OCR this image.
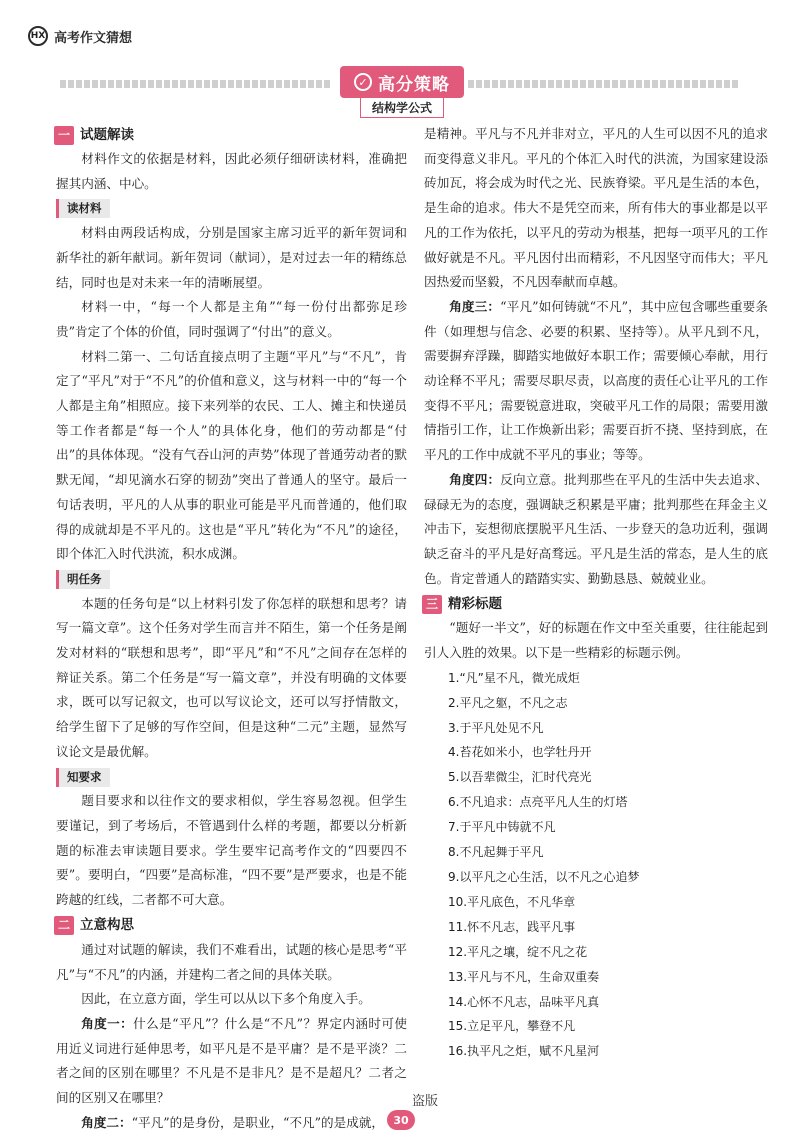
HX 高考作文猜想
✓ 高分策略
结构学公式
一 试题解读

材料作文的依据是材料，因此必须仔细研读材料，准确把握其内涵、中心。

读材料

材料由两段话构成，分别是国家主席习近平的新年贺词和新华社的新年献词。新年贺词（献词），是对过去一年的精练总结，同时也是对未来一年的清晰展望。

材料一中，“每一个人都是主角”“每一份付出都弥足珍贵”肯定了个体的价值，同时强调了“付出”的意义。

材料二第一、二句话直接点明了主题“平凡”与“不凡”，肯定了“平凡”对于“不凡”的价值和意义，这与材料一中的“每一个人都是主角”相照应。接下来列举的农民、工人、摊主和快递员等工作者都是“每一个人”的具体化身，他们的劳动都是“付出”的具体体现。“没有气吞山河的声势”体现了普通劳动者的默默无闻，“却见滴水石穿的韧劲”突出了普通人的坚守。最后一句话表明，平凡的人从事的职业可能是平凡而普通的，他们取得的成就却是不平凡的。这也是“平凡”转化为“不凡”的途径，即个体汇入时代洪流，积水成渊。

明任务

本题的任务句是“以上材料引发了你怎样的联想和思考？请写一篇文章”。这个任务对学生而言并不陌生，第一个任务是阐发对材料的“联想和思考”，即“平凡”和“不凡”之间存在怎样的辩证关系。第二个任务是“写一篇文章”，并没有明确的文体要求，既可以写记叙文，也可以写议论文，还可以写抒情散文，给学生留下了足够的写作空间，但是这种“二元”主题，显然写议论文是最优解。

知要求

题目要求和以往作文的要求相似，学生容易忽视。但学生要谨记，到了考场后，不管遇到什么样的考题，都要以分析新题的标准去审读题目要求。学生要牢记高考作文的“四要四不要”。要明白，“四要”是高标准，“四不要”是严要求，也是不能跨越的红线，二者都不可大意。

二 立意构思

通过对试题的解读，我们不难看出，试题的核心是思考“平凡”与“不凡”的内涵，并建构二者之间的具体关联。

因此，在立意方面，学生可以从以下多个角度入手。

角度一：什么是“平凡”？什么是“不凡”？界定内涵时可使用近义词进行延伸思考，如平凡是不是平庸？是不是平淡？二者之间的区别在哪里？不凡是不是非凡？是不是超凡？二者之间的区别又在哪里？

角度二：“平凡”的是身份，是职业，“不凡”的是成就，

是精神。平凡与不凡并非对立，平凡的人生可以因不凡的追求而变得意义非凡。平凡的个体汇入时代的洪流，为国家建设添砖加瓦，将会成为时代之光、民族脊梁。平凡是生活的本色，是生命的追求。伟大不是凭空而来，所有伟大的事业都是以平凡的工作为依托，以平凡的劳动为根基，把每一项平凡的工作做好就是不凡。平凡因付出而精彩，不凡因坚守而伟大；平凡因热爱而坚毅，不凡因奉献而卓越。

角度三：“平凡”如何铸就“不凡”，其中应包含哪些重要条件（如理想与信念、必要的积累、坚持等）。从平凡到不凡，需要摒弃浮躁，脚踏实地做好本职工作；需要倾心奉献，用行动诠释不平凡；需要尽职尽责，以高度的责任心让平凡的工作变得不平凡；需要锐意进取，突破平凡工作的局限；需要用激情指引工作，让工作焕新出彩；需要百折不挠、坚持到底，在平凡的工作中成就不平凡的事业；等等。

角度四：反向立意。批判那些在平凡的生活中失去追求、碌碌无为的态度，强调缺乏积累是平庸；批判那些在拜金主义冲击下，妄想彻底摆脱平凡生活、一步登天的急功近利，强调缺乏奋斗的平凡是好高骛远。平凡是生活的常态，是人生的底色。肯定普通人的踏踏实实、勤勤恳恳、兢兢业业。

三 精彩标题

“题好一半文”，好的标题在作文中至关重要，往往能起到引人入胜的效果。以下是一些精彩的标题示例。

1.“凡”星不凡，微光成炬
2.平凡之躯，不凡之志
3.于平凡处见不凡
4.苔花如米小，也学牡丹开
5.以吾辈微尘，汇时代亮光
6.不凡追求：点亮平凡人生的灯塔
7.于平凡中铸就不凡
8.不凡起舞于平凡
9.以平凡之心生活，以不凡之心追梦
10.平凡底色，不凡华章
11.怀不凡志，践平凡事
12.平凡之壤，绽不凡之花
13.平凡与不凡，生命双重奏
14.心怀不凡志，品味平凡真
15.立足平凡，攀登不凡
16.执平凡之炬，赋不凡星河
盗版
30
